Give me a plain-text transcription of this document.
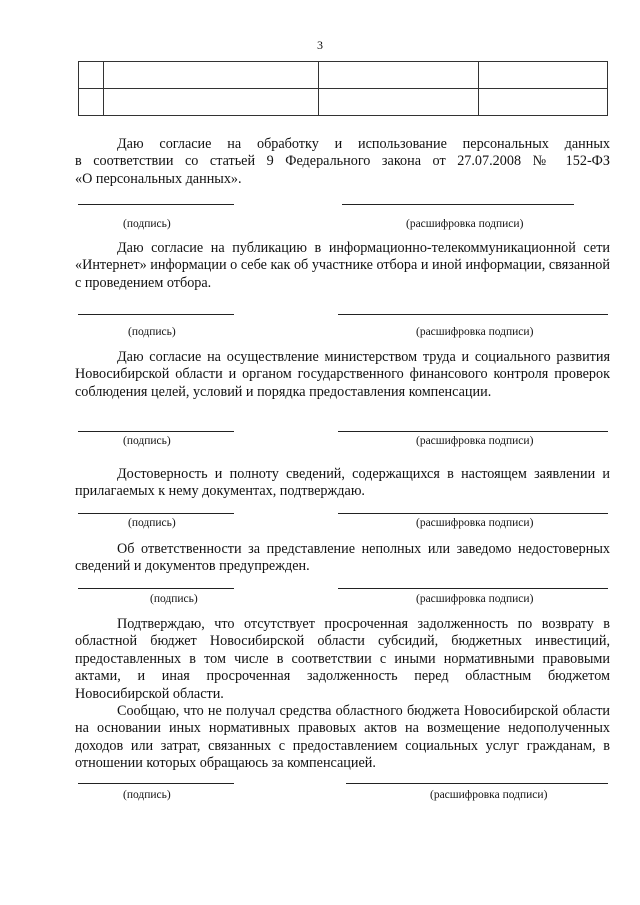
3

Даю согласие на обработку и использование персональных данных
в соответствии со статьей 9 Федерального закона от 27.07.2008 № 152-ФЗ
«О персональных данных».
(подпись)	(расшифровка подписи)
Даю согласие на публикацию в информационно-телекоммуникационной сети «Интернет» информации о себе как об участнике отбора и иной информации, связанной с проведением отбора.
(подпись)	(расшифровка подписи)
Даю согласие на осуществление министерством труда и социального развития Новосибирской области и органом государственного финансового контроля проверок соблюдения целей, условий и порядка предоставления компенсации.
(подпись)	(расшифровка подписи)
Достоверность и полноту сведений, содержащихся в настоящем заявлении и прилагаемых к нему документах, подтверждаю.
(подпись)	(расшифровка подписи)
Об ответственности за представление неполных или заведомо недостоверных сведений и документов предупрежден.
(подпись)	(расшифровка подписи)
Подтверждаю, что отсутствует просроченная задолженность по возврату в областной бюджет Новосибирской области субсидий, бюджетных инвестиций, предоставленных в том числе в соответствии с иными нормативными правовыми актами, и иная просроченная задолженность перед областным бюджетом Новосибирской области.
Сообщаю, что не получал средства областного бюджета Новосибирской области на основании иных нормативных правовых актов на возмещение недополученных доходов или затрат, связанных с предоставлением социальных услуг гражданам, в отношении которых обращаюсь за компенсацией.
(подпись)	(расшифровка подписи)
